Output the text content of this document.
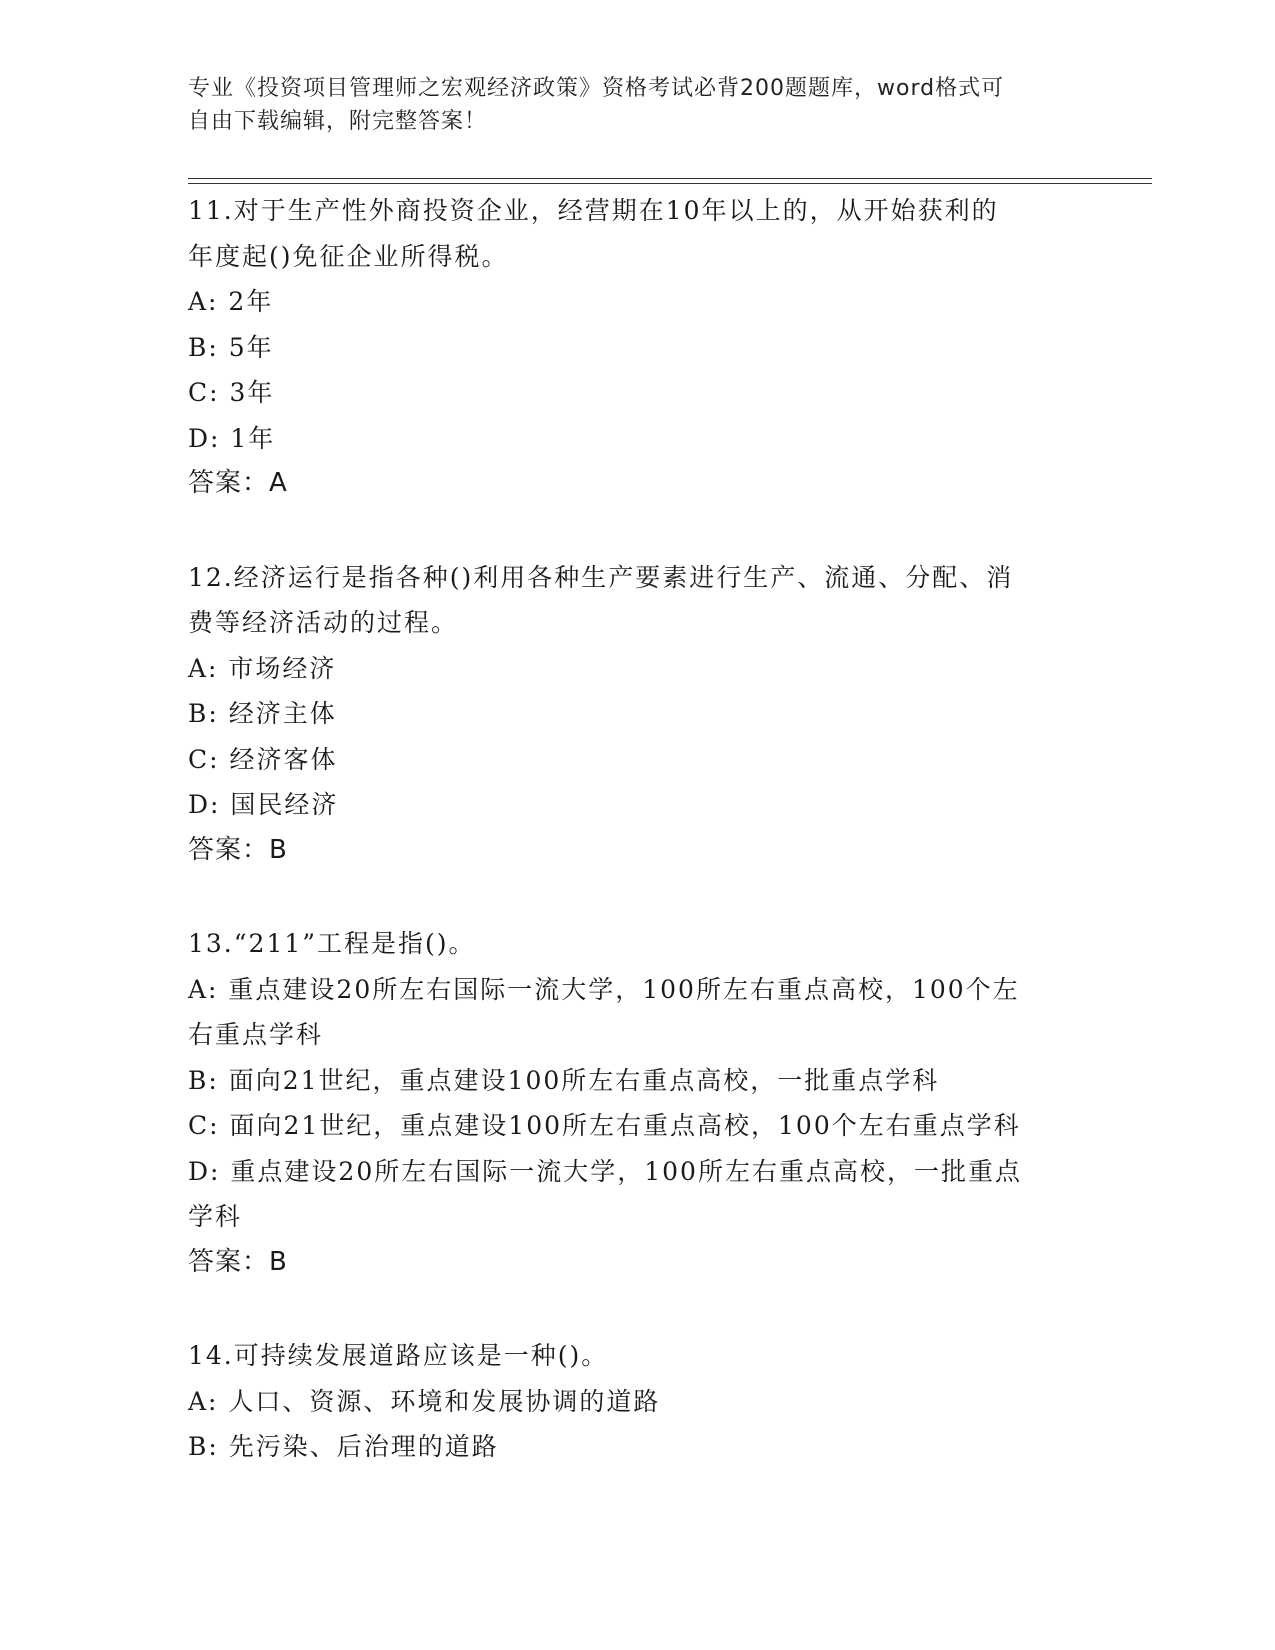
专业《投资项目管理师之宏观经济政策》资格考试必背200题题库，word格式可

自由下载编辑，附完整答案！

11.对于生产性外商投资企业，经营期在10年以上的，从开始获利的

年度起()免征企业所得税。

A: 2年

B: 5年

C: 3年

D: 1年

答案：A

12.经济运行是指各种()利用各种生产要素进行生产、流通、分配、消

费等经济活动的过程。

A: 市场经济

B: 经济主体

C: 经济客体

D: 国民经济

答案：B

13.“211”工程是指()。

A: 重点建设20所左右国际一流大学，100所左右重点高校，100个左

右重点学科

B: 面向21世纪，重点建设100所左右重点高校，一批重点学科

C: 面向21世纪，重点建设100所左右重点高校，100个左右重点学科

D: 重点建设20所左右国际一流大学，100所左右重点高校，一批重点

学科

答案：B

14.可持续发展道路应该是一种()。

A: 人口、资源、环境和发展协调的道路

B: 先污染、后治理的道路
